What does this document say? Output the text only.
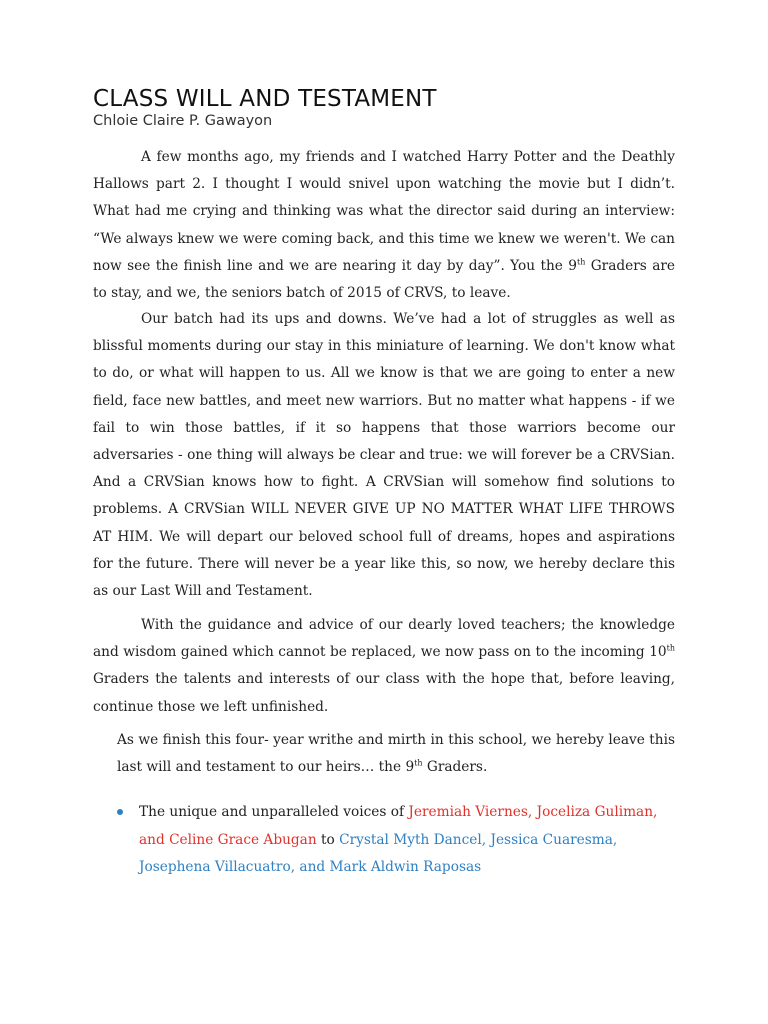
CLASS WILL AND TESTAMENT
Chloie Claire P. Gawayon
A few months ago, my friends and I watched Harry Potter and the Deathly Hallows part 2. I thought I would snivel upon watching the movie but I didn’t. What had me crying and thinking was what the director said during an interview: “We always knew we were coming back, and this time we knew we weren't. We can now see the finish line and we are nearing it day by day”. You the 9th Graders are to stay, and we, the seniors batch of 2015 of CRVS, to leave.
Our batch had its ups and downs. We’ve had a lot of struggles as well as blissful moments during our stay in this miniature of learning. We don't know what to do, or what will happen to us. All we know is that we are going to enter a new field, face new battles, and meet new warriors. But no matter what happens - if we fail to win those battles, if it so happens that those warriors become our adversaries - one thing will always be clear and true: we will forever be a CRVSian. And a CRVSian knows how to fight. A CRVSian will somehow find solutions to problems. A CRVSian WILL NEVER GIVE UP NO MATTER WHAT LIFE THROWS AT HIM. We will depart our beloved school full of dreams, hopes and aspirations for the future. There will never be a year like this, so now, we hereby declare this as our Last Will and Testament.
With the guidance and advice of our dearly loved teachers; the knowledge and wisdom gained which cannot be replaced, we now pass on to the incoming 10th Graders the talents and interests of our class with the hope that, before leaving, continue those we left unfinished.
As we finish this four- year writhe and mirth in this school, we hereby leave this last will and testament to our heirs… the 9th Graders.
The unique and unparalleled voices of Jeremiah Viernes, Joceliza Guliman, and Celine Grace Abugan to Crystal Myth Dancel, Jessica Cuaresma, Josephena Villacuatro, and Mark Aldwin Raposas
